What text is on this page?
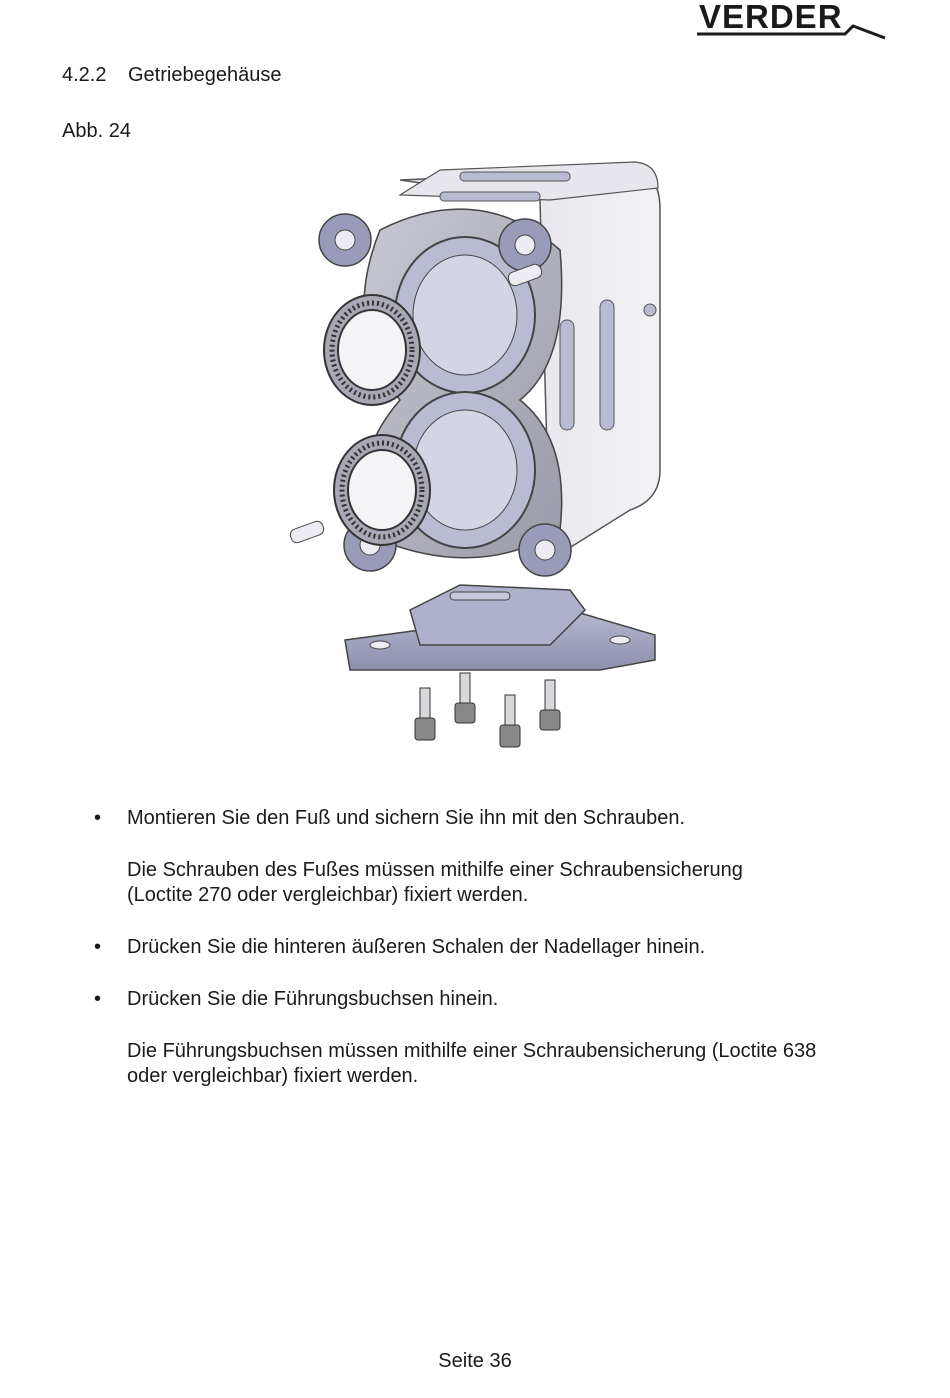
VERDER
4.2.2 Getriebegehäuse
Abb. 24
• Montieren Sie den Fuß und sichern Sie ihn mit den Schrauben.
Die Schrauben des Fußes müssen mithilfe einer Schraubensicherung
(Loctite 270 oder vergleichbar) fixiert werden.
• Drücken Sie die hinteren äußeren Schalen der Nadellager hinein.
• Drücken Sie die Führungsbuchsen hinein.
Die Führungsbuchsen müssen mithilfe einer Schraubensicherung (Loctite 638
oder vergleichbar) fixiert werden.
Seite 36
